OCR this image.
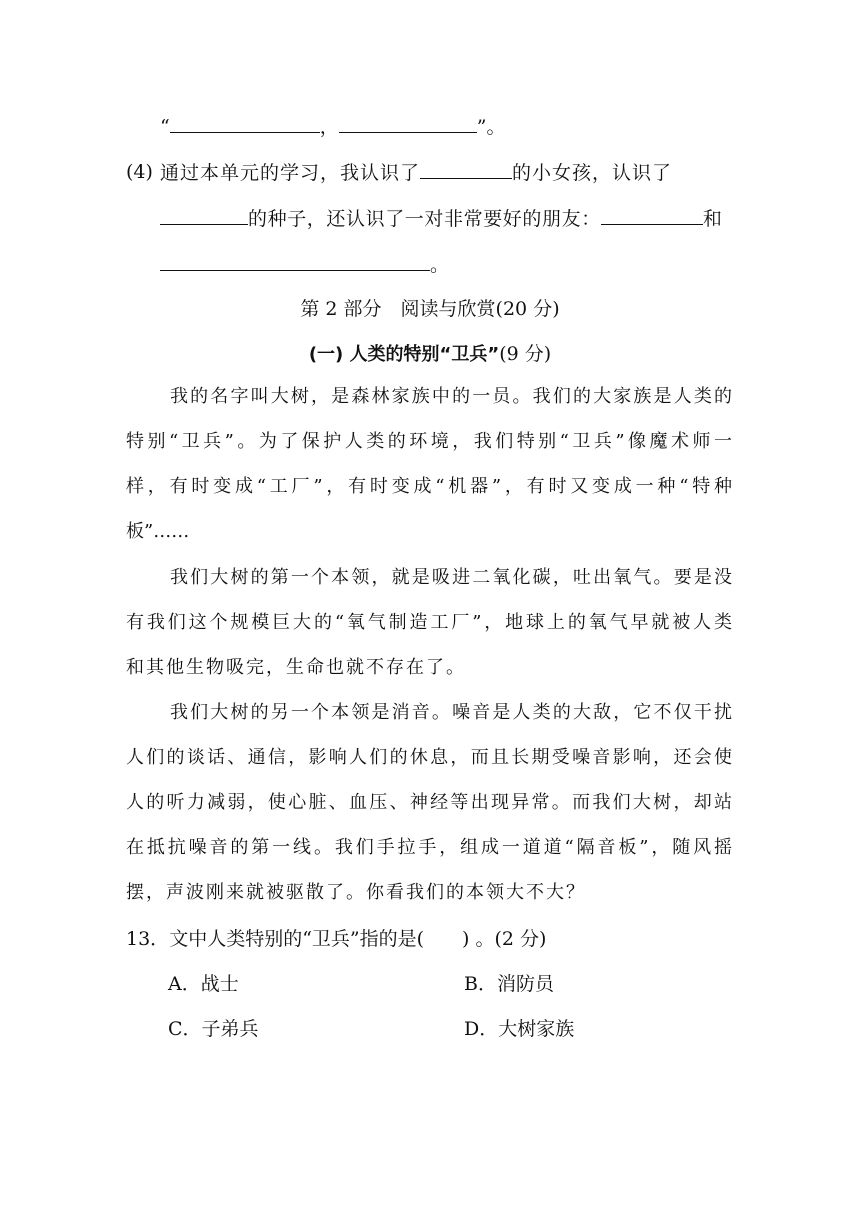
“	，	”。
(4) 通过本单元的学习，我认识了	的小女孩，认识了
的种子，还认识了一对非常要好的朋友：	和
。
第 2 部分　阅读与欣赏(20 分)
(一) 人类的特别“卫兵”(9 分)
我的名字叫大树，是森林家族中的一员。我们的大家族是人类的
特别“卫兵”。为了保护人类的环境，我们特别“卫兵”像魔术师一
样，有时变成“工厂”，有时变成“机器”，有时又变成一种“特种
板”……
我们大树的第一个本领，就是吸进二氧化碳，吐出氧气。要是没
有我们这个规模巨大的“氧气制造工厂”，地球上的氧气早就被人类
和其他生物吸完，生命也就不存在了。
我们大树的另一个本领是消音。噪音是人类的大敌，它不仅干扰
人们的谈话、通信，影响人们的休息，而且长期受噪音影响，还会使
人的听力减弱，使心脏、血压、神经等出现异常。而我们大树，却站
在抵抗噪音的第一线。我们手拉手，组成一道道“隔音板”，随风摇
摆，声波刚来就被驱散了。你看我们的本领大不大？
13．文中人类特别的“卫兵”指的是(　　) 。(2 分)
A．战士	B．消防员
C．子弟兵	D．大树家族
